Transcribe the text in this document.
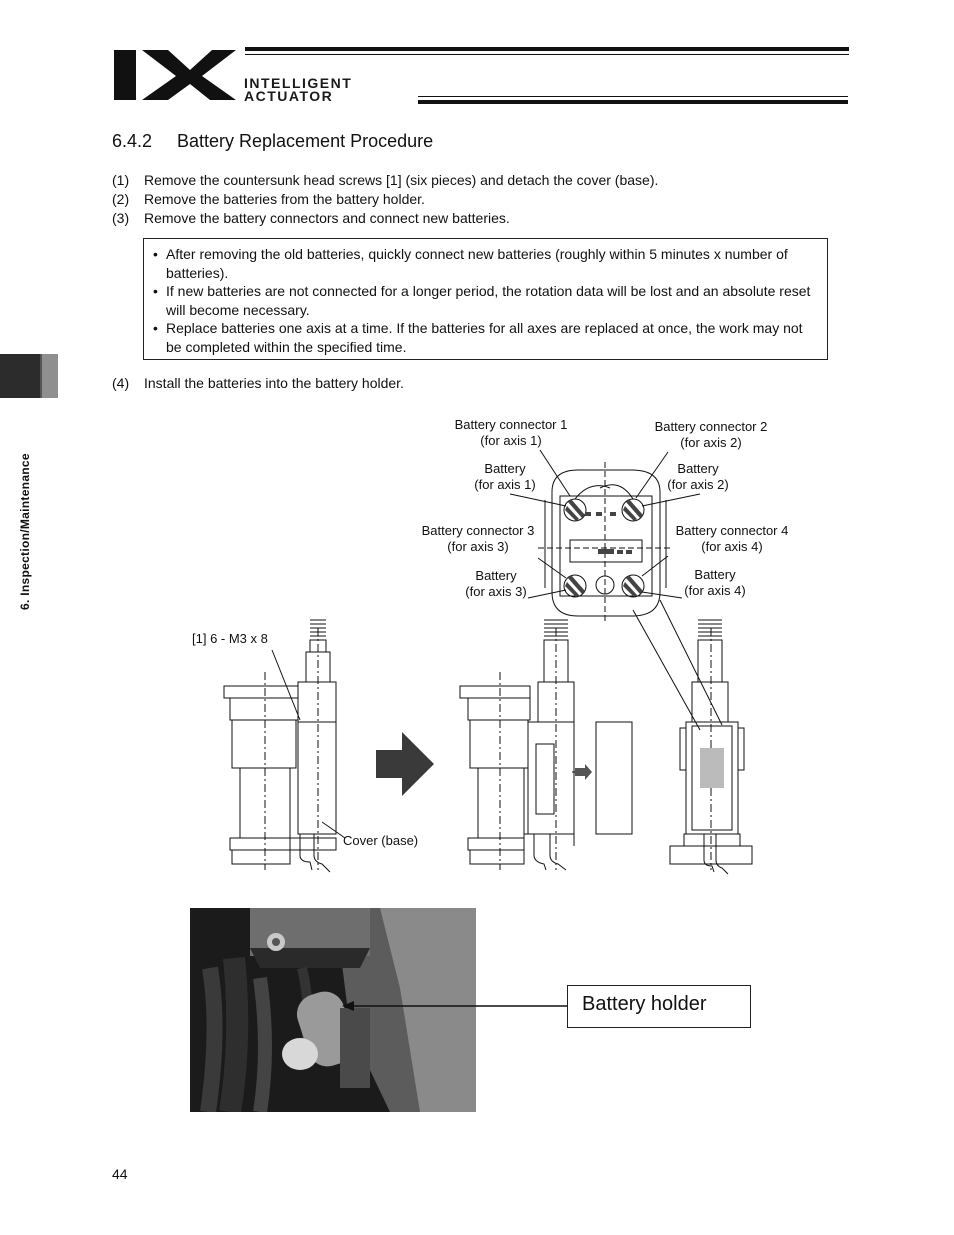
INTELLIGENT
ACTUATOR
6. Inspection/Maintenance
6.4.2 Battery Replacement Procedure
(1) Remove the countersunk head screws [1] (six pieces) and detach the cover (base).
(2) Remove the batteries from the battery holder.
(3) Remove the battery connectors and connect new batteries.
• After removing the old batteries, quickly connect new batteries (roughly within 5 minutes x number of batteries).
• If new batteries are not connected for a longer period, the rotation data will be lost and an absolute reset will become necessary.
• Replace batteries one axis at a time. If the batteries for all axes are replaced at once, the work may not be completed within the specified time.
(4) Install the batteries into the battery holder.
Battery connector 1
(for axis 1)
Battery connector 2
(for axis 2)
Battery
(for axis 1)
Battery
(for axis 2)
Battery connector 3
(for axis 3)
Battery connector 4
(for axis 4)
Battery
(for axis 3)
Battery
(for axis 4)
[1] 6 - M3 x 8
Cover (base)
Battery holder
44
